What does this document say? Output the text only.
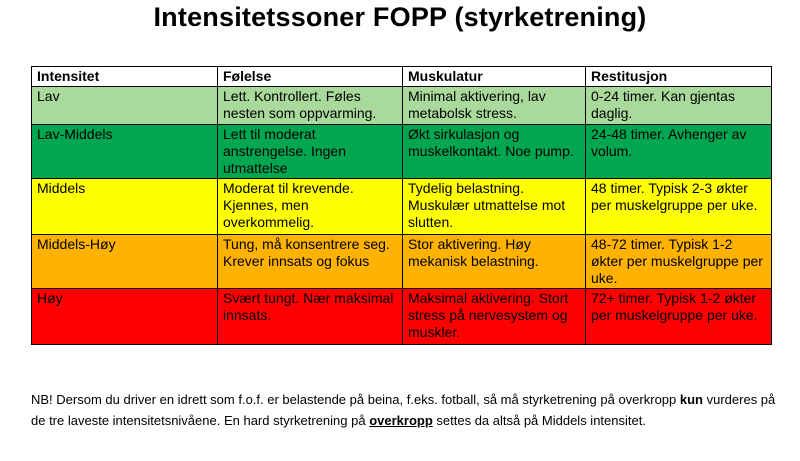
Intensitetssoner FOPP (styrketrening)
Intensitet	Følelse	Muskulatur	Restitusjon
Lav	Lett. Kontrollert. Føles nesten som oppvarming.	Minimal aktivering, lav metabolsk stress.	0-24 timer. Kan gjentas daglig.
Lav-Middels	Lett til moderat anstrengelse. Ingen utmattelse	Økt sirkulasjon og muskelkontakt. Noe pump.	24-48 timer. Avhenger av volum.
Middels	Moderat til krevende. Kjennes, men overkommelig.	Tydelig belastning. Muskulær utmattelse mot slutten.	48 timer. Typisk 2-3 økter per muskelgruppe per uke.
Middels-Høy	Tung, må konsentrere seg. Krever innsats og fokus	Stor aktivering. Høy mekanisk belastning.	48-72 timer. Typisk 1-2 økter per muskelgruppe per uke.
Høy	Svært tungt. Nær maksimal innsats.	Maksimal aktivering. Stort stress på nervesystem og muskler.	72+ timer. Typisk 1-2 økter per muskelgruppe per uke.
NB! Dersom du driver en idrett som f.o.f. er belastende på beina, f.eks. fotball, så må styrketrening på overkropp kun vurderes på de tre laveste intensitetsnivåene. En hard styrketrening på overkropp settes da altså på Middels intensitet.
